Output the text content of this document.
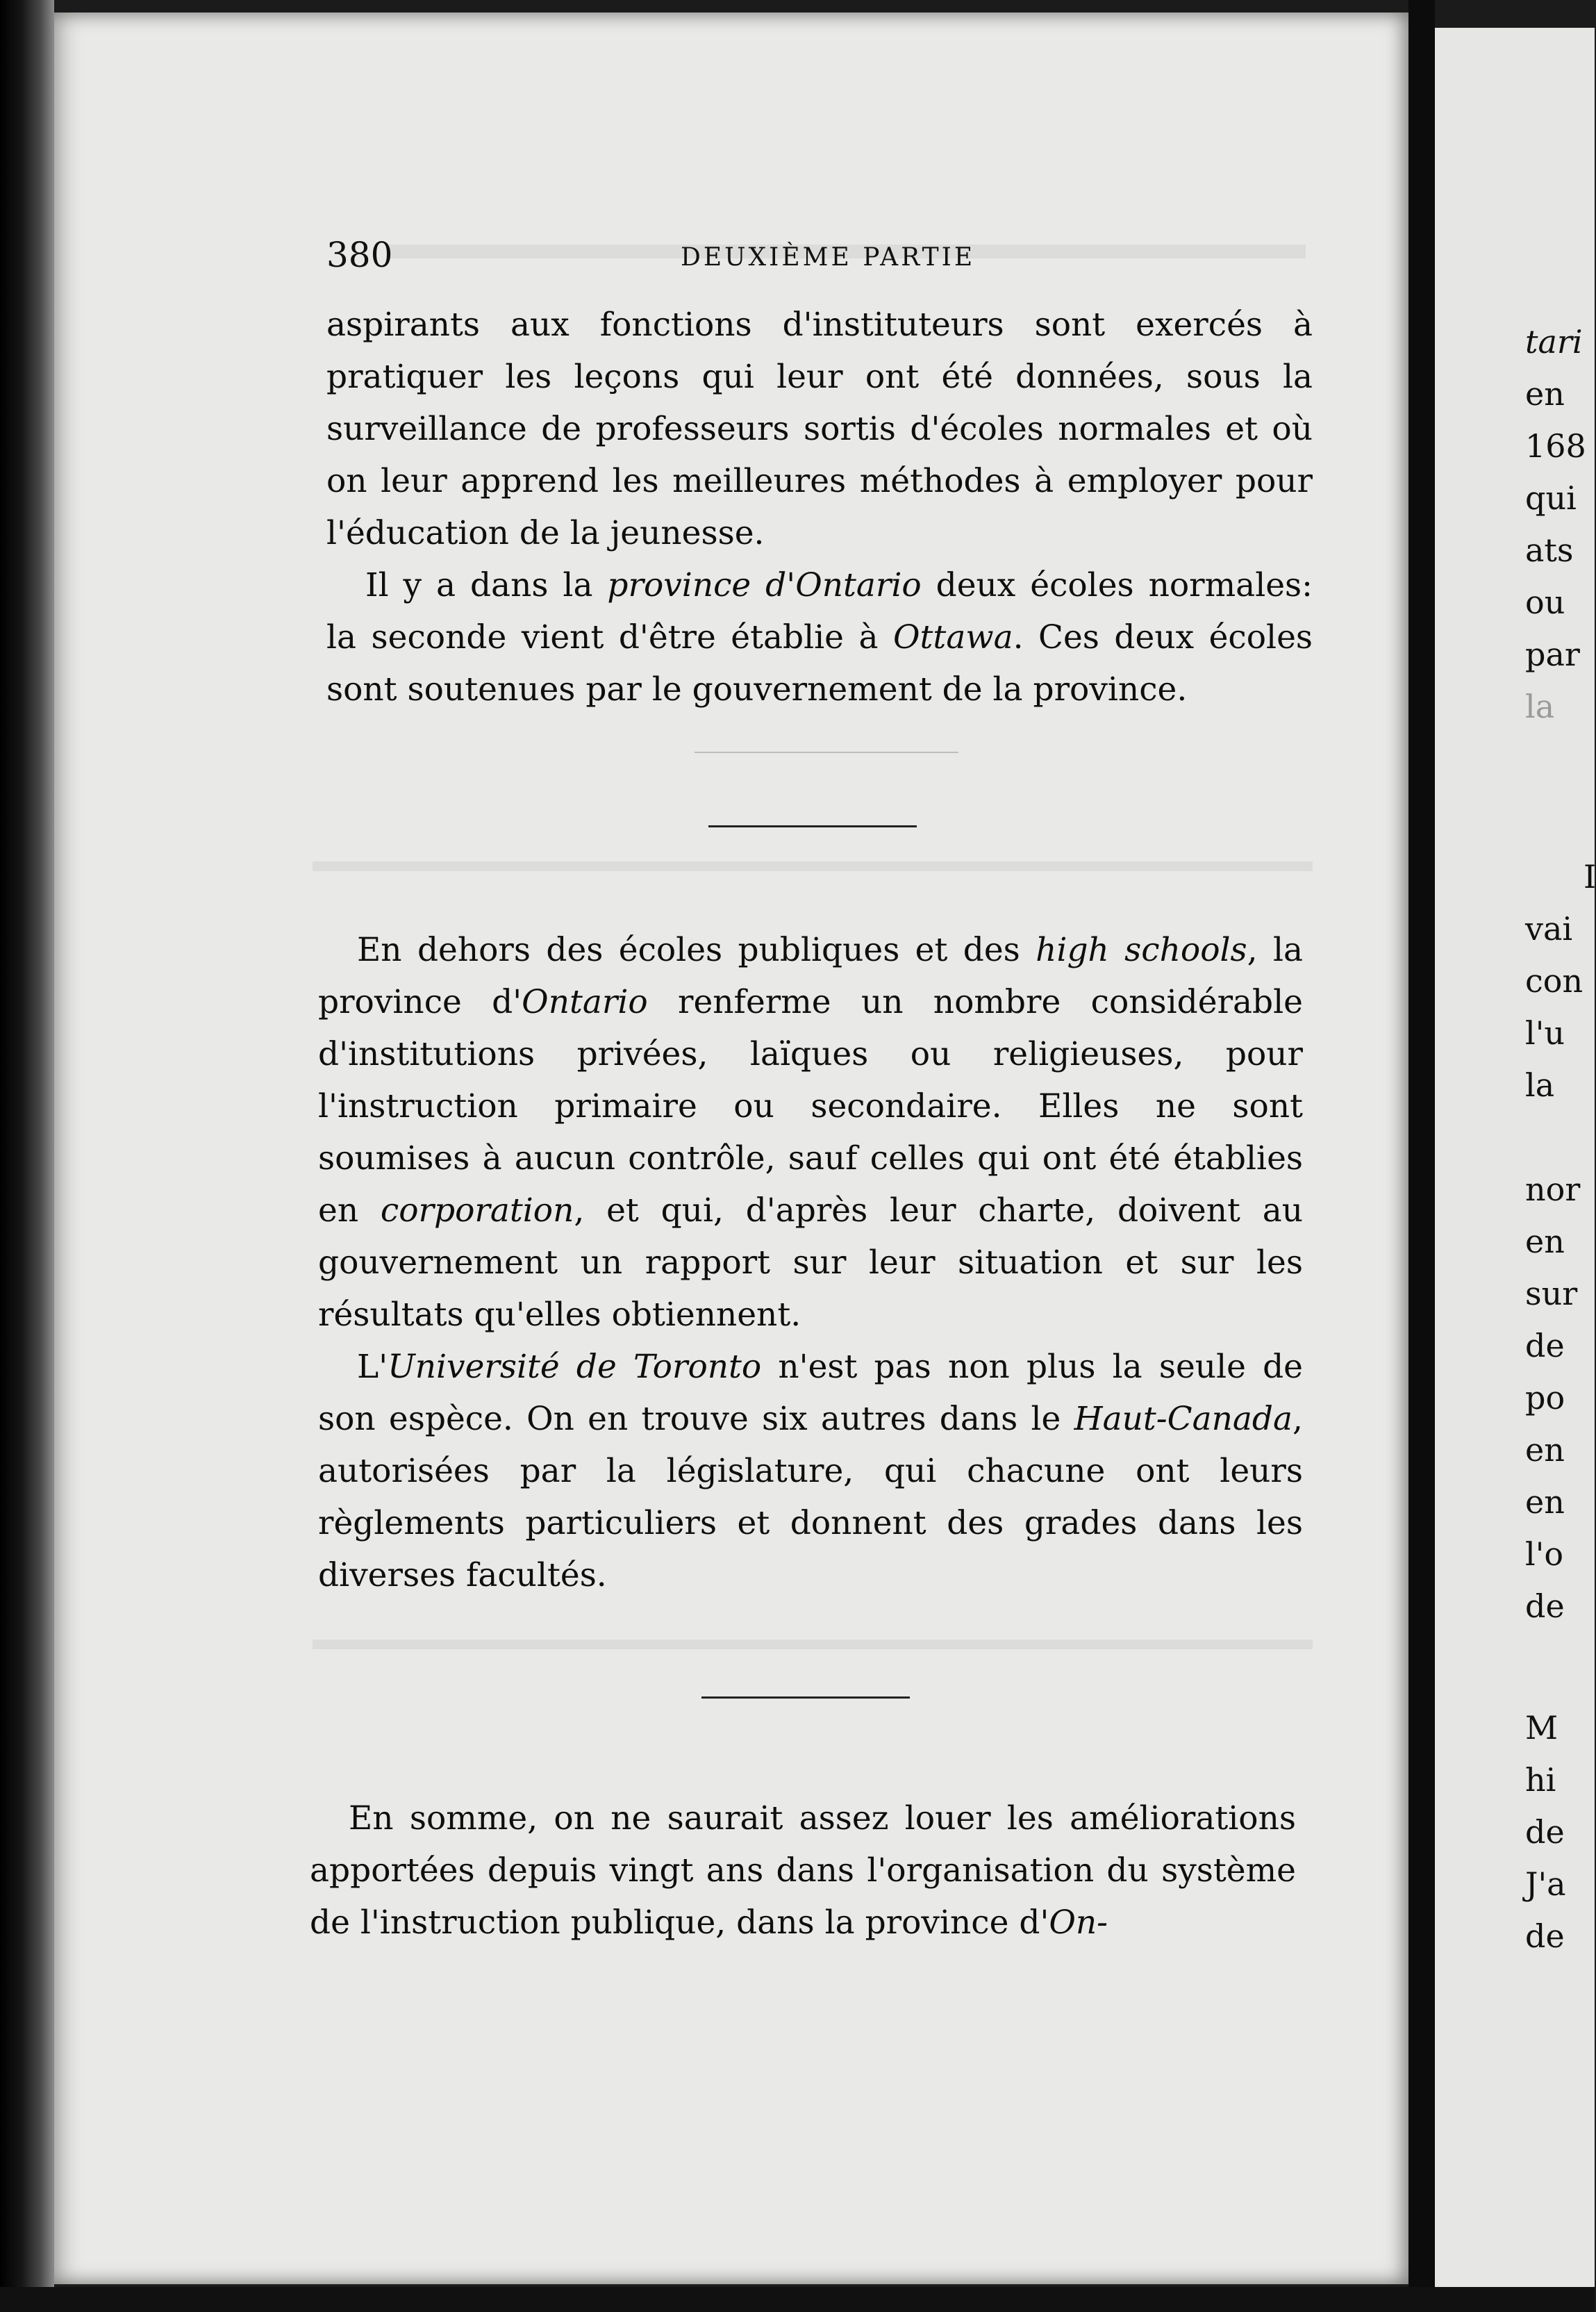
380	DEUXIÈME PARTIE

aspirants aux fonctions d'instituteurs sont exercés à pratiquer les leçons qui leur ont été données, sous la surveillance de professeurs sortis d'écoles normales et où on leur apprend les meilleures méthodes à employer pour l'éducation de la jeunesse.

Il y a dans la province d'Ontario deux écoles normales: la seconde vient d'être établie à Ottawa. Ces deux écoles sont soutenues par le gouvernement de la province.

En dehors des écoles publiques et des high schools, la province d'Ontario renferme un nombre considérable d'institutions privées, laïques ou religieuses, pour l'instruction primaire ou secondaire. Elles ne sont soumises à aucun contrôle, sauf celles qui ont été établies en corporation, et qui, d'après leur charte, doivent au gouvernement un rapport sur leur situation et sur les résultats qu'elles obtiennent.

L'Université de Toronto n'est pas non plus la seule de son espèce. On en trouve six autres dans le Haut-Canada, autorisées par la législature, qui chacune ont leurs règlements particuliers et donnent des grades dans les diverses facultés.

En somme, on ne saurait assez louer les améliorations apportées depuis vingt ans dans l'organisation du système de l'instruction publique, dans la province d'On-

tari
en
168
qui
ats
ou
par
la
I
vai
con
l'u
la
nor
en
sur
de
po
en
en
l'o
de
M
hi
de
J'a
de
